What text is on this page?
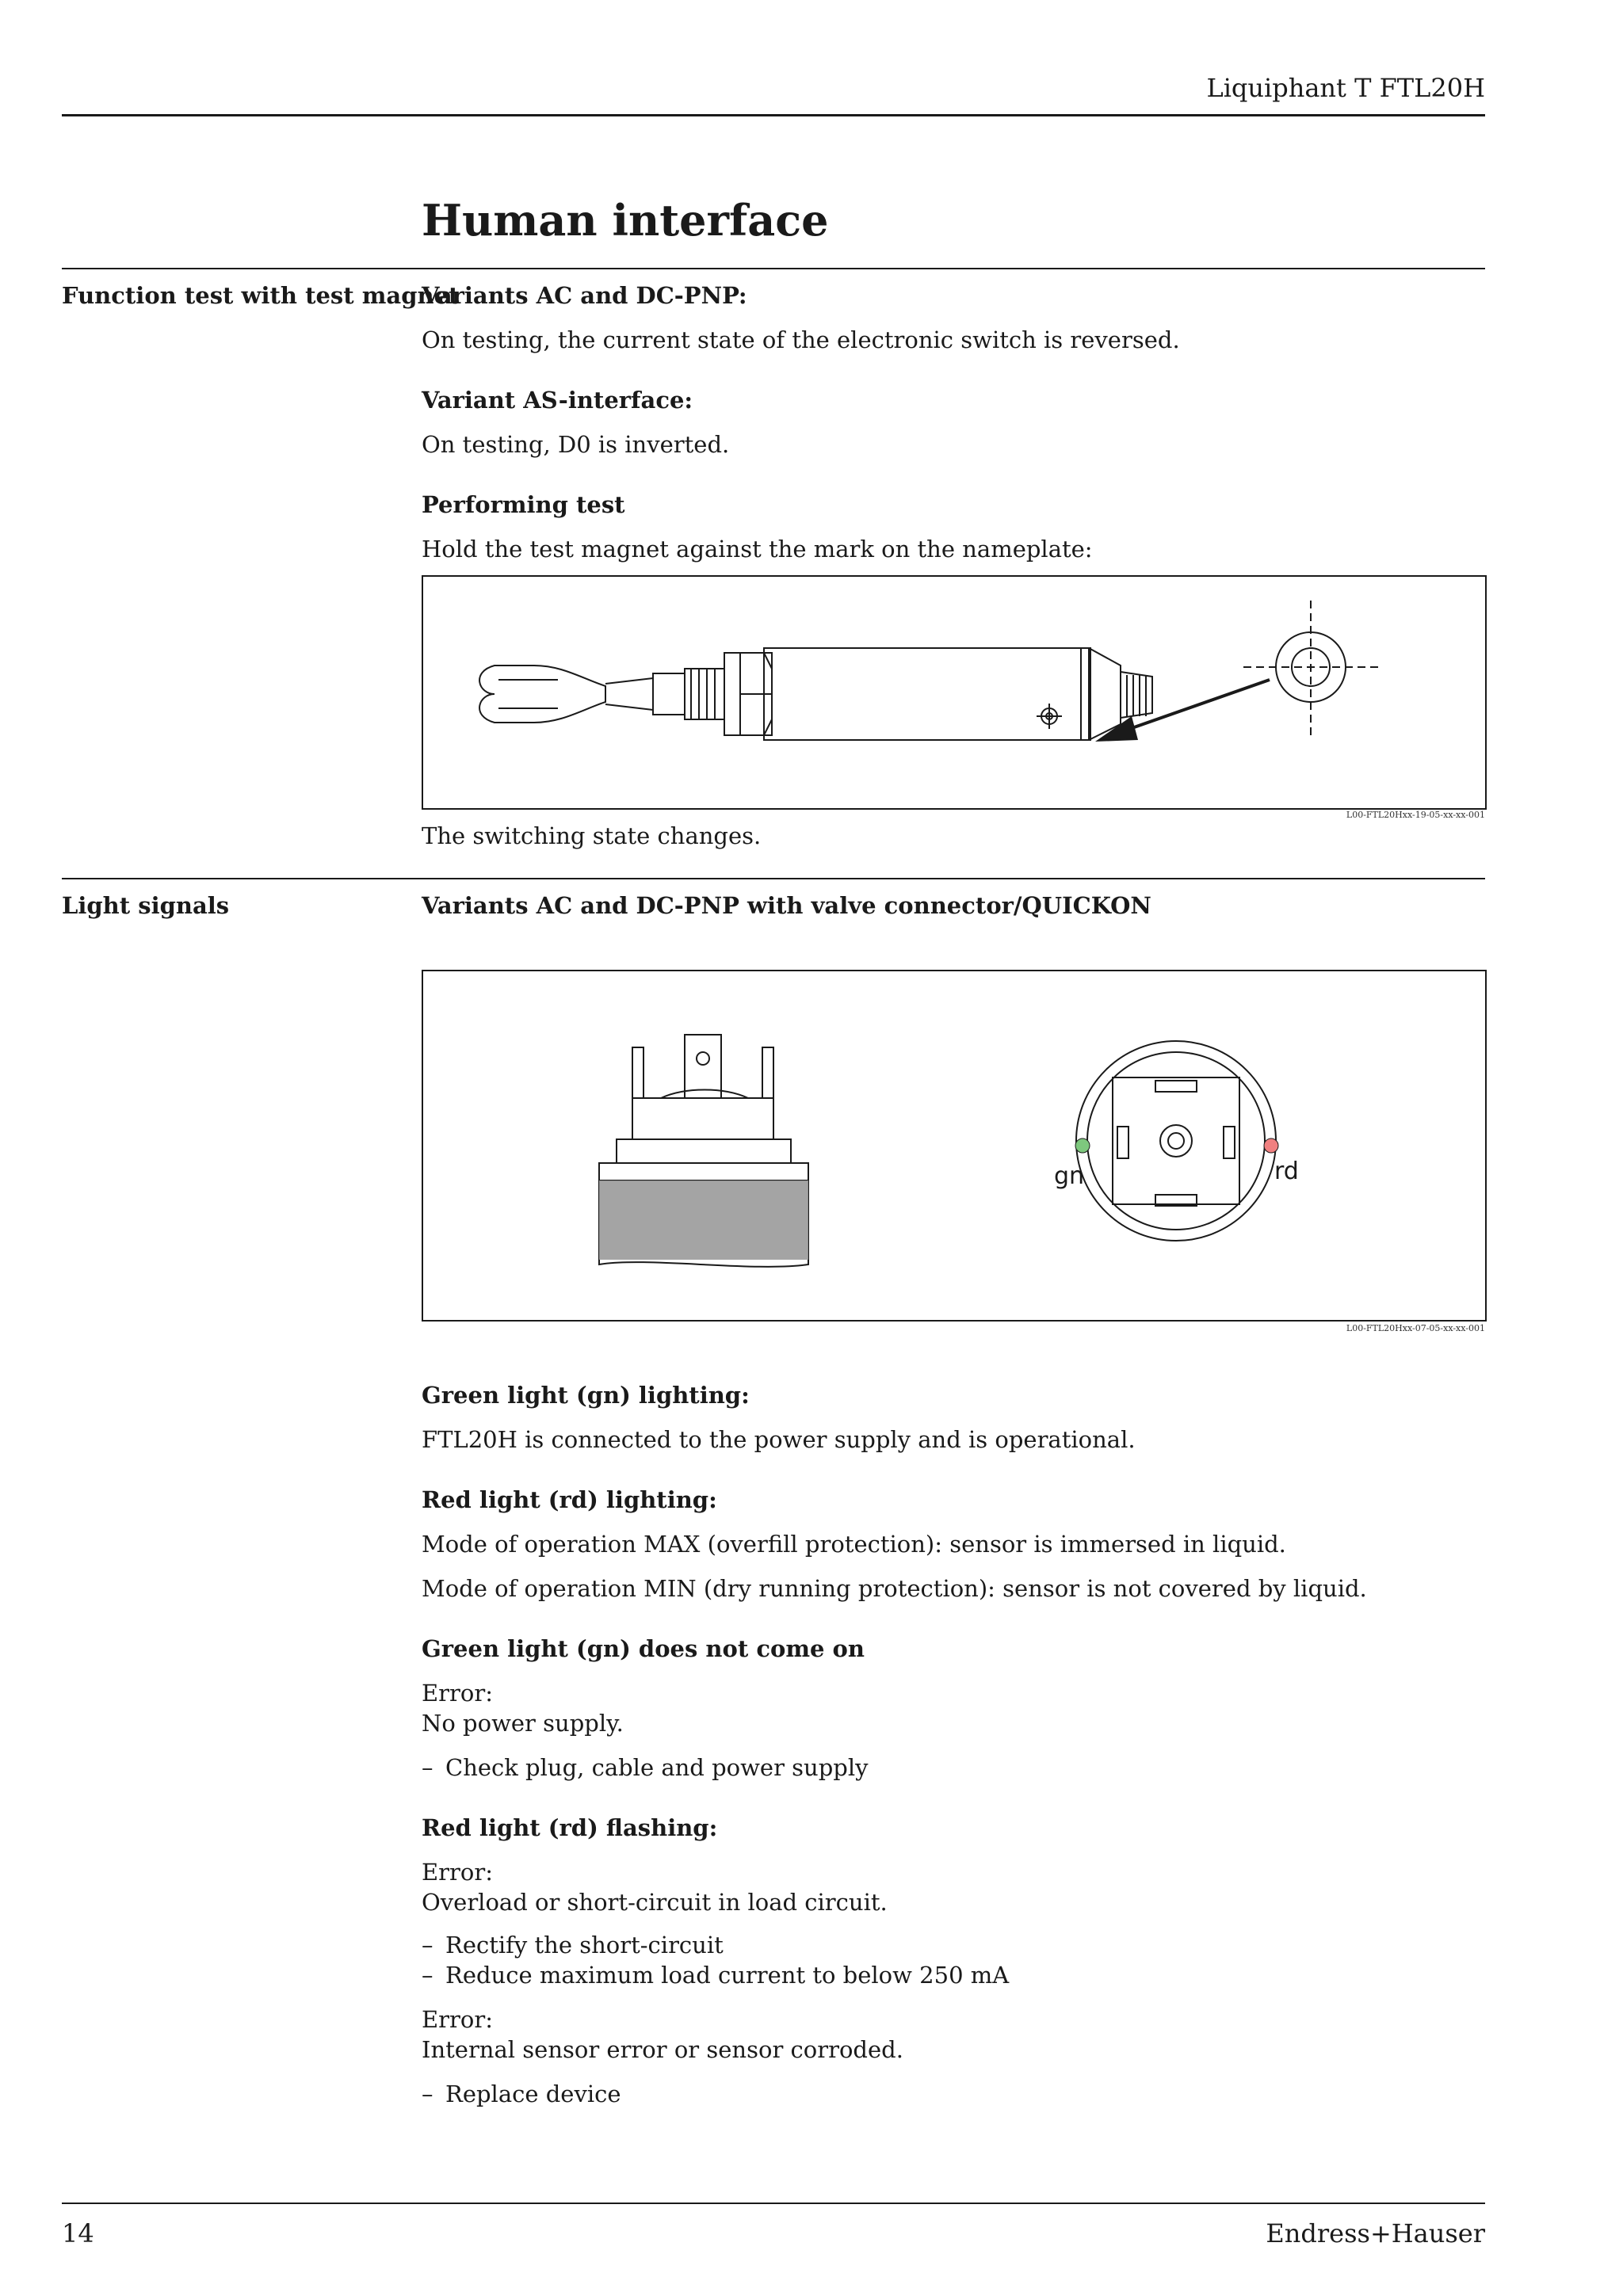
Liquiphant T FTL20H
Human interface
Function test with test magnet
Variants AC and DC-PNP:
On testing, the current state of the electronic switch is reversed.
Variant AS-interface:
On testing, D0 is inverted.
Performing test
Hold the test magnet against the mark on the nameplate:
L00-FTL20Hxx-19-05-xx-xx-001
The switching state changes.
Light signals	Variants AC and DC-PNP with valve connector/QUICKON
gn	rd
L00-FTL20Hxx-07-05-xx-xx-001
Green light (gn) lighting:
FTL20H is connected to the power supply and is operational.
Red light (rd) lighting:
Mode of operation MAX (overfill protection): sensor is immersed in liquid.
Mode of operation MIN (dry running protection): sensor is not covered by liquid.
Green light (gn) does not come on
Error:
No power supply.
– Check plug, cable and power supply
Red light (rd) flashing:
Error:
Overload or short-circuit in load circuit.
– Rectify the short-circuit
– Reduce maximum load current to below 250 mA
Error:
Internal sensor error or sensor corroded.
– Replace device
14	Endress+Hauser
